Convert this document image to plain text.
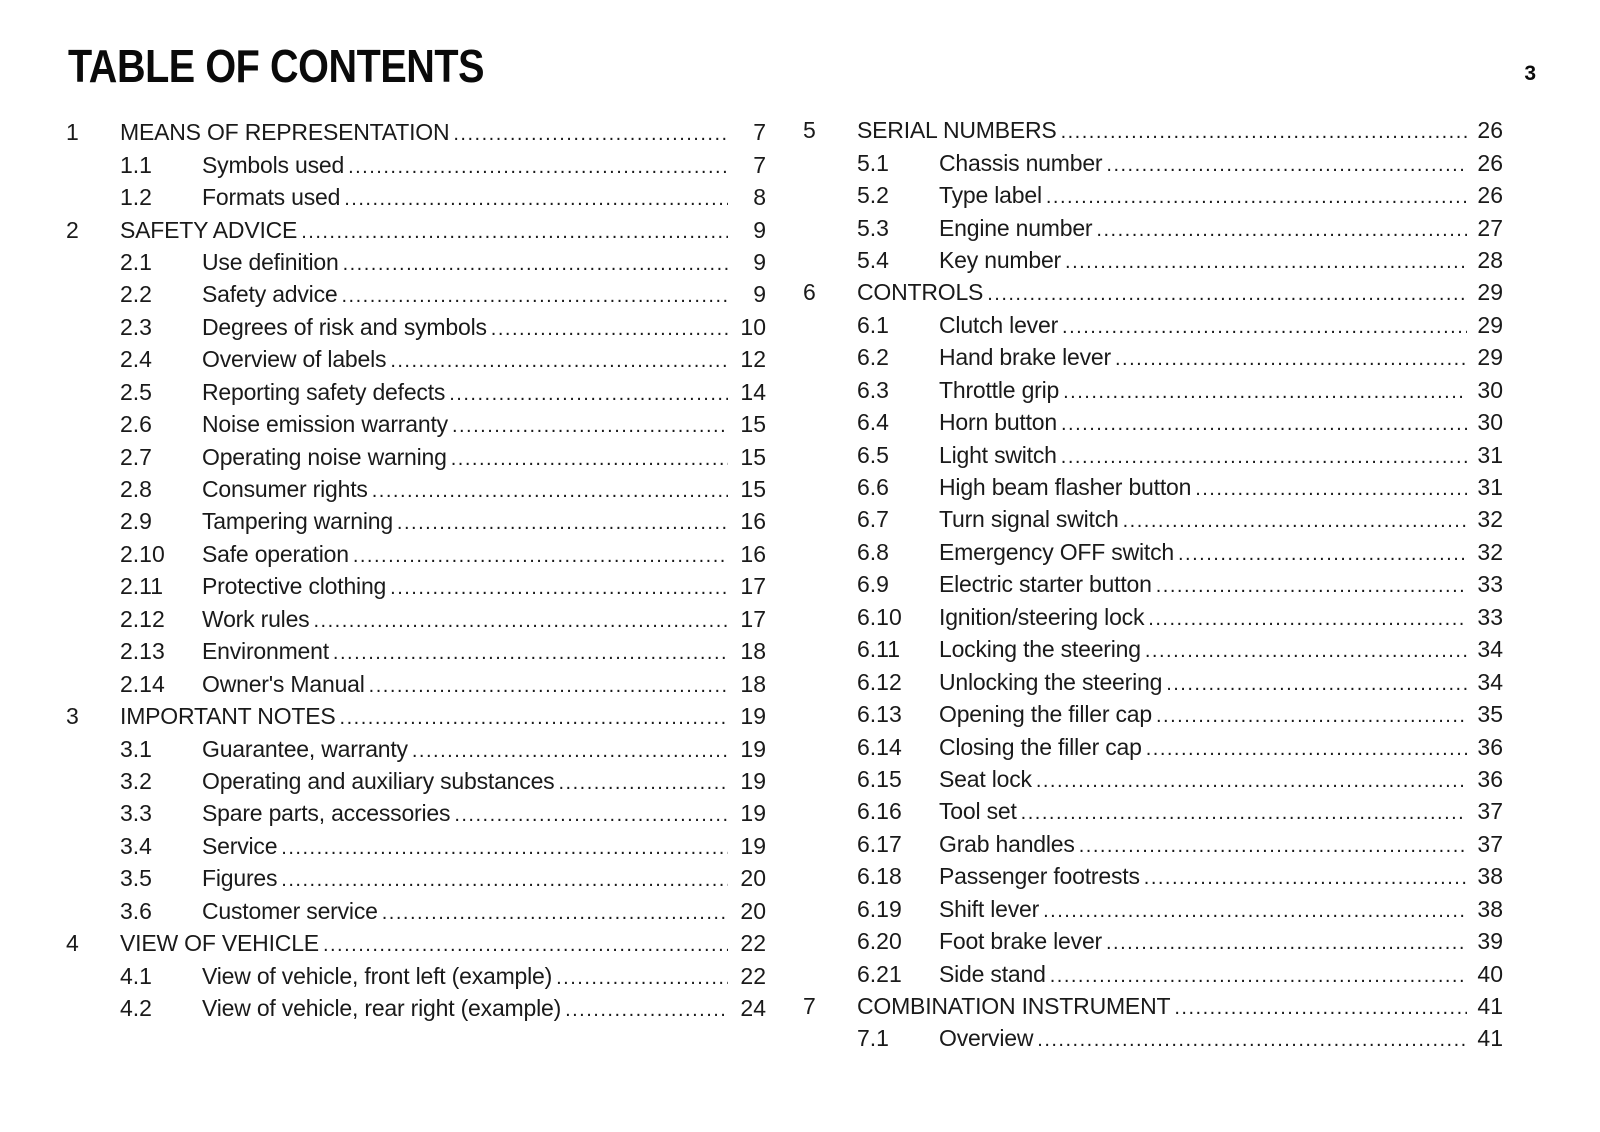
TABLE OF CONTENTS	3
1	MEANS OF REPRESENTATION .....	7
1.1	Symbols used .....	7
1.2	Formats used .....	8
2	SAFETY ADVICE .....	9
2.1	Use definition .....	9
2.2	Safety advice .....	9
2.3	Degrees of risk and symbols .....	10
2.4	Overview of labels .....	12
2.5	Reporting safety defects .....	14
2.6	Noise emission warranty .....	15
2.7	Operating noise warning .....	15
2.8	Consumer rights .....	15
2.9	Tampering warning .....	16
2.10	Safe operation .....	16
2.11	Protective clothing .....	17
2.12	Work rules .....	17
2.13	Environment .....	18
2.14	Owner's Manual .....	18
3	IMPORTANT NOTES .....	19
3.1	Guarantee, warranty .....	19
3.2	Operating and auxiliary substances .....	19
3.3	Spare parts, accessories .....	19
3.4	Service .....	19
3.5	Figures .....	20
3.6	Customer service .....	20
4	VIEW OF VEHICLE .....	22
4.1	View of vehicle, front left (example) .....	22
4.2	View of vehicle, rear right (example) .....	24
5	SERIAL NUMBERS .....	26
5.1	Chassis number .....	26
5.2	Type label .....	26
5.3	Engine number .....	27
5.4	Key number .....	28
6	CONTROLS .....	29
6.1	Clutch lever .....	29
6.2	Hand brake lever .....	29
6.3	Throttle grip .....	30
6.4	Horn button .....	30
6.5	Light switch .....	31
6.6	High beam flasher button .....	31
6.7	Turn signal switch .....	32
6.8	Emergency OFF switch .....	32
6.9	Electric starter button .....	33
6.10	Ignition/steering lock .....	33
6.11	Locking the steering .....	34
6.12	Unlocking the steering .....	34
6.13	Opening the filler cap .....	35
6.14	Closing the filler cap .....	36
6.15	Seat lock .....	36
6.16	Tool set .....	37
6.17	Grab handles .....	37
6.18	Passenger footrests .....	38
6.19	Shift lever .....	38
6.20	Foot brake lever .....	39
6.21	Side stand .....	40
7	COMBINATION INSTRUMENT .....	41
7.1	Overview .....	41
